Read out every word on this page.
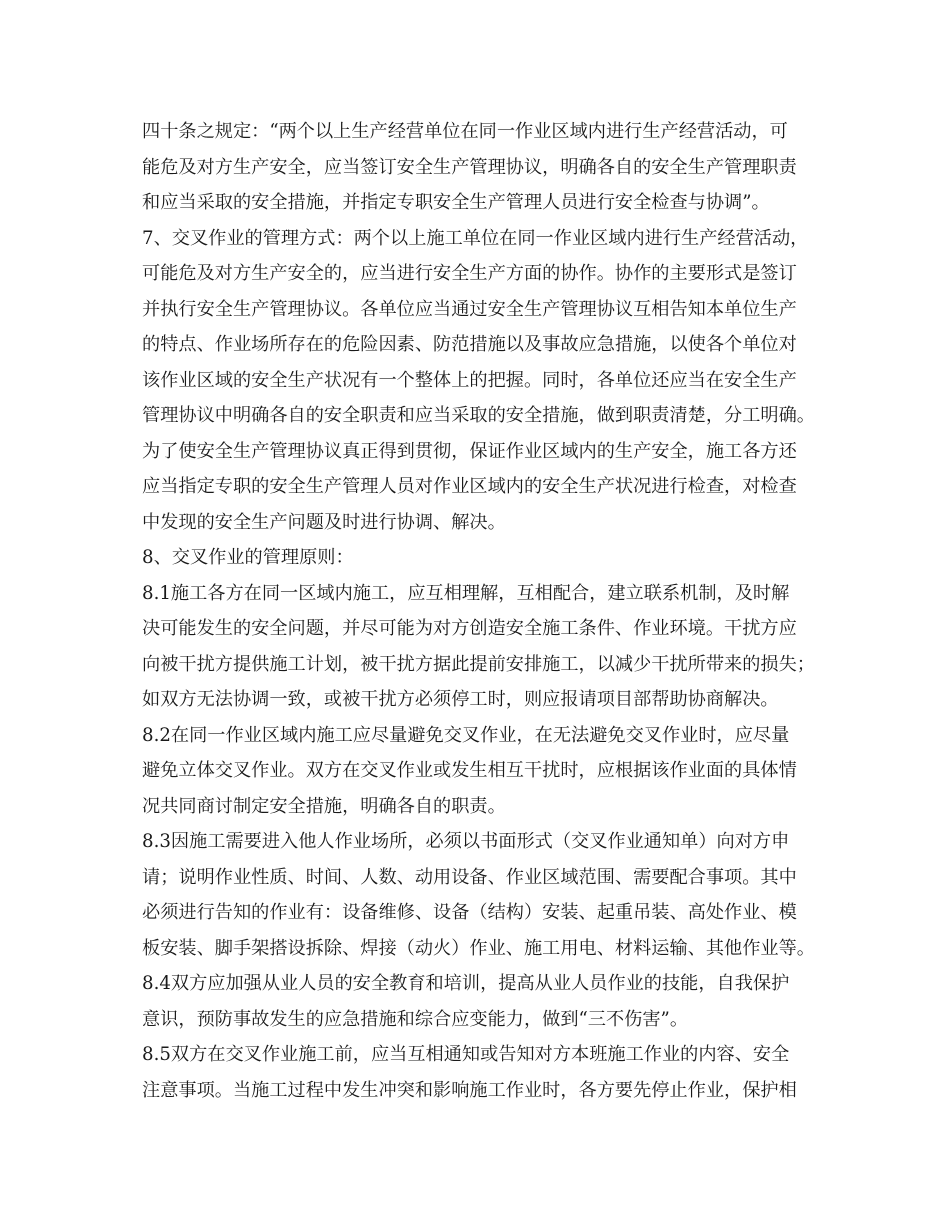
四十条之规定：“两个以上生产经营单位在同一作业区域内进行生产经营活动，可
能危及对方生产安全，应当签订安全生产管理协议，明确各自的安全生产管理职责
和应当采取的安全措施，并指定专职安全生产管理人员进行安全检查与协调”。
7、交叉作业的管理方式：两个以上施工单位在同一作业区域内进行生产经营活动，
可能危及对方生产安全的，应当进行安全生产方面的协作。协作的主要形式是签订
并执行安全生产管理协议。各单位应当通过安全生产管理协议互相告知本单位生产
的特点、作业场所存在的危险因素、防范措施以及事故应急措施，以使各个单位对
该作业区域的安全生产状况有一个整体上的把握。同时，各单位还应当在安全生产
管理协议中明确各自的安全职责和应当采取的安全措施，做到职责清楚，分工明确。
为了使安全生产管理协议真正得到贯彻，保证作业区域内的生产安全，施工各方还
应当指定专职的安全生产管理人员对作业区域内的安全生产状况进行检查，对检查
中发现的安全生产问题及时进行协调、解决。
8、交叉作业的管理原则：
8.1施工各方在同一区域内施工，应互相理解，互相配合，建立联系机制，及时解
决可能发生的安全问题，并尽可能为对方创造安全施工条件、作业环境。干扰方应
向被干扰方提供施工计划，被干扰方据此提前安排施工，以减少干扰所带来的损失；
如双方无法协调一致，或被干扰方必须停工时，则应报请项目部帮助协商解决。
8.2在同一作业区域内施工应尽量避免交叉作业，在无法避免交叉作业时，应尽量
避免立体交叉作业。双方在交叉作业或发生相互干扰时，应根据该作业面的具体情
况共同商讨制定安全措施，明确各自的职责。
8.3因施工需要进入他人作业场所，必须以书面形式（交叉作业通知单）向对方申
请；说明作业性质、时间、人数、动用设备、作业区域范围、需要配合事项。其中
必须进行告知的作业有：设备维修、设备（结构）安装、起重吊装、高处作业、模
板安装、脚手架搭设拆除、焊接（动火）作业、施工用电、材料运输、其他作业等。
8.4双方应加强从业人员的安全教育和培训，提高从业人员作业的技能，自我保护
意识，预防事故发生的应急措施和综合应变能力，做到“三不伤害”。
8.5双方在交叉作业施工前，应当互相通知或告知对方本班施工作业的内容、安全
注意事项。当施工过程中发生冲突和影响施工作业时，各方要先停止作业，保护相
